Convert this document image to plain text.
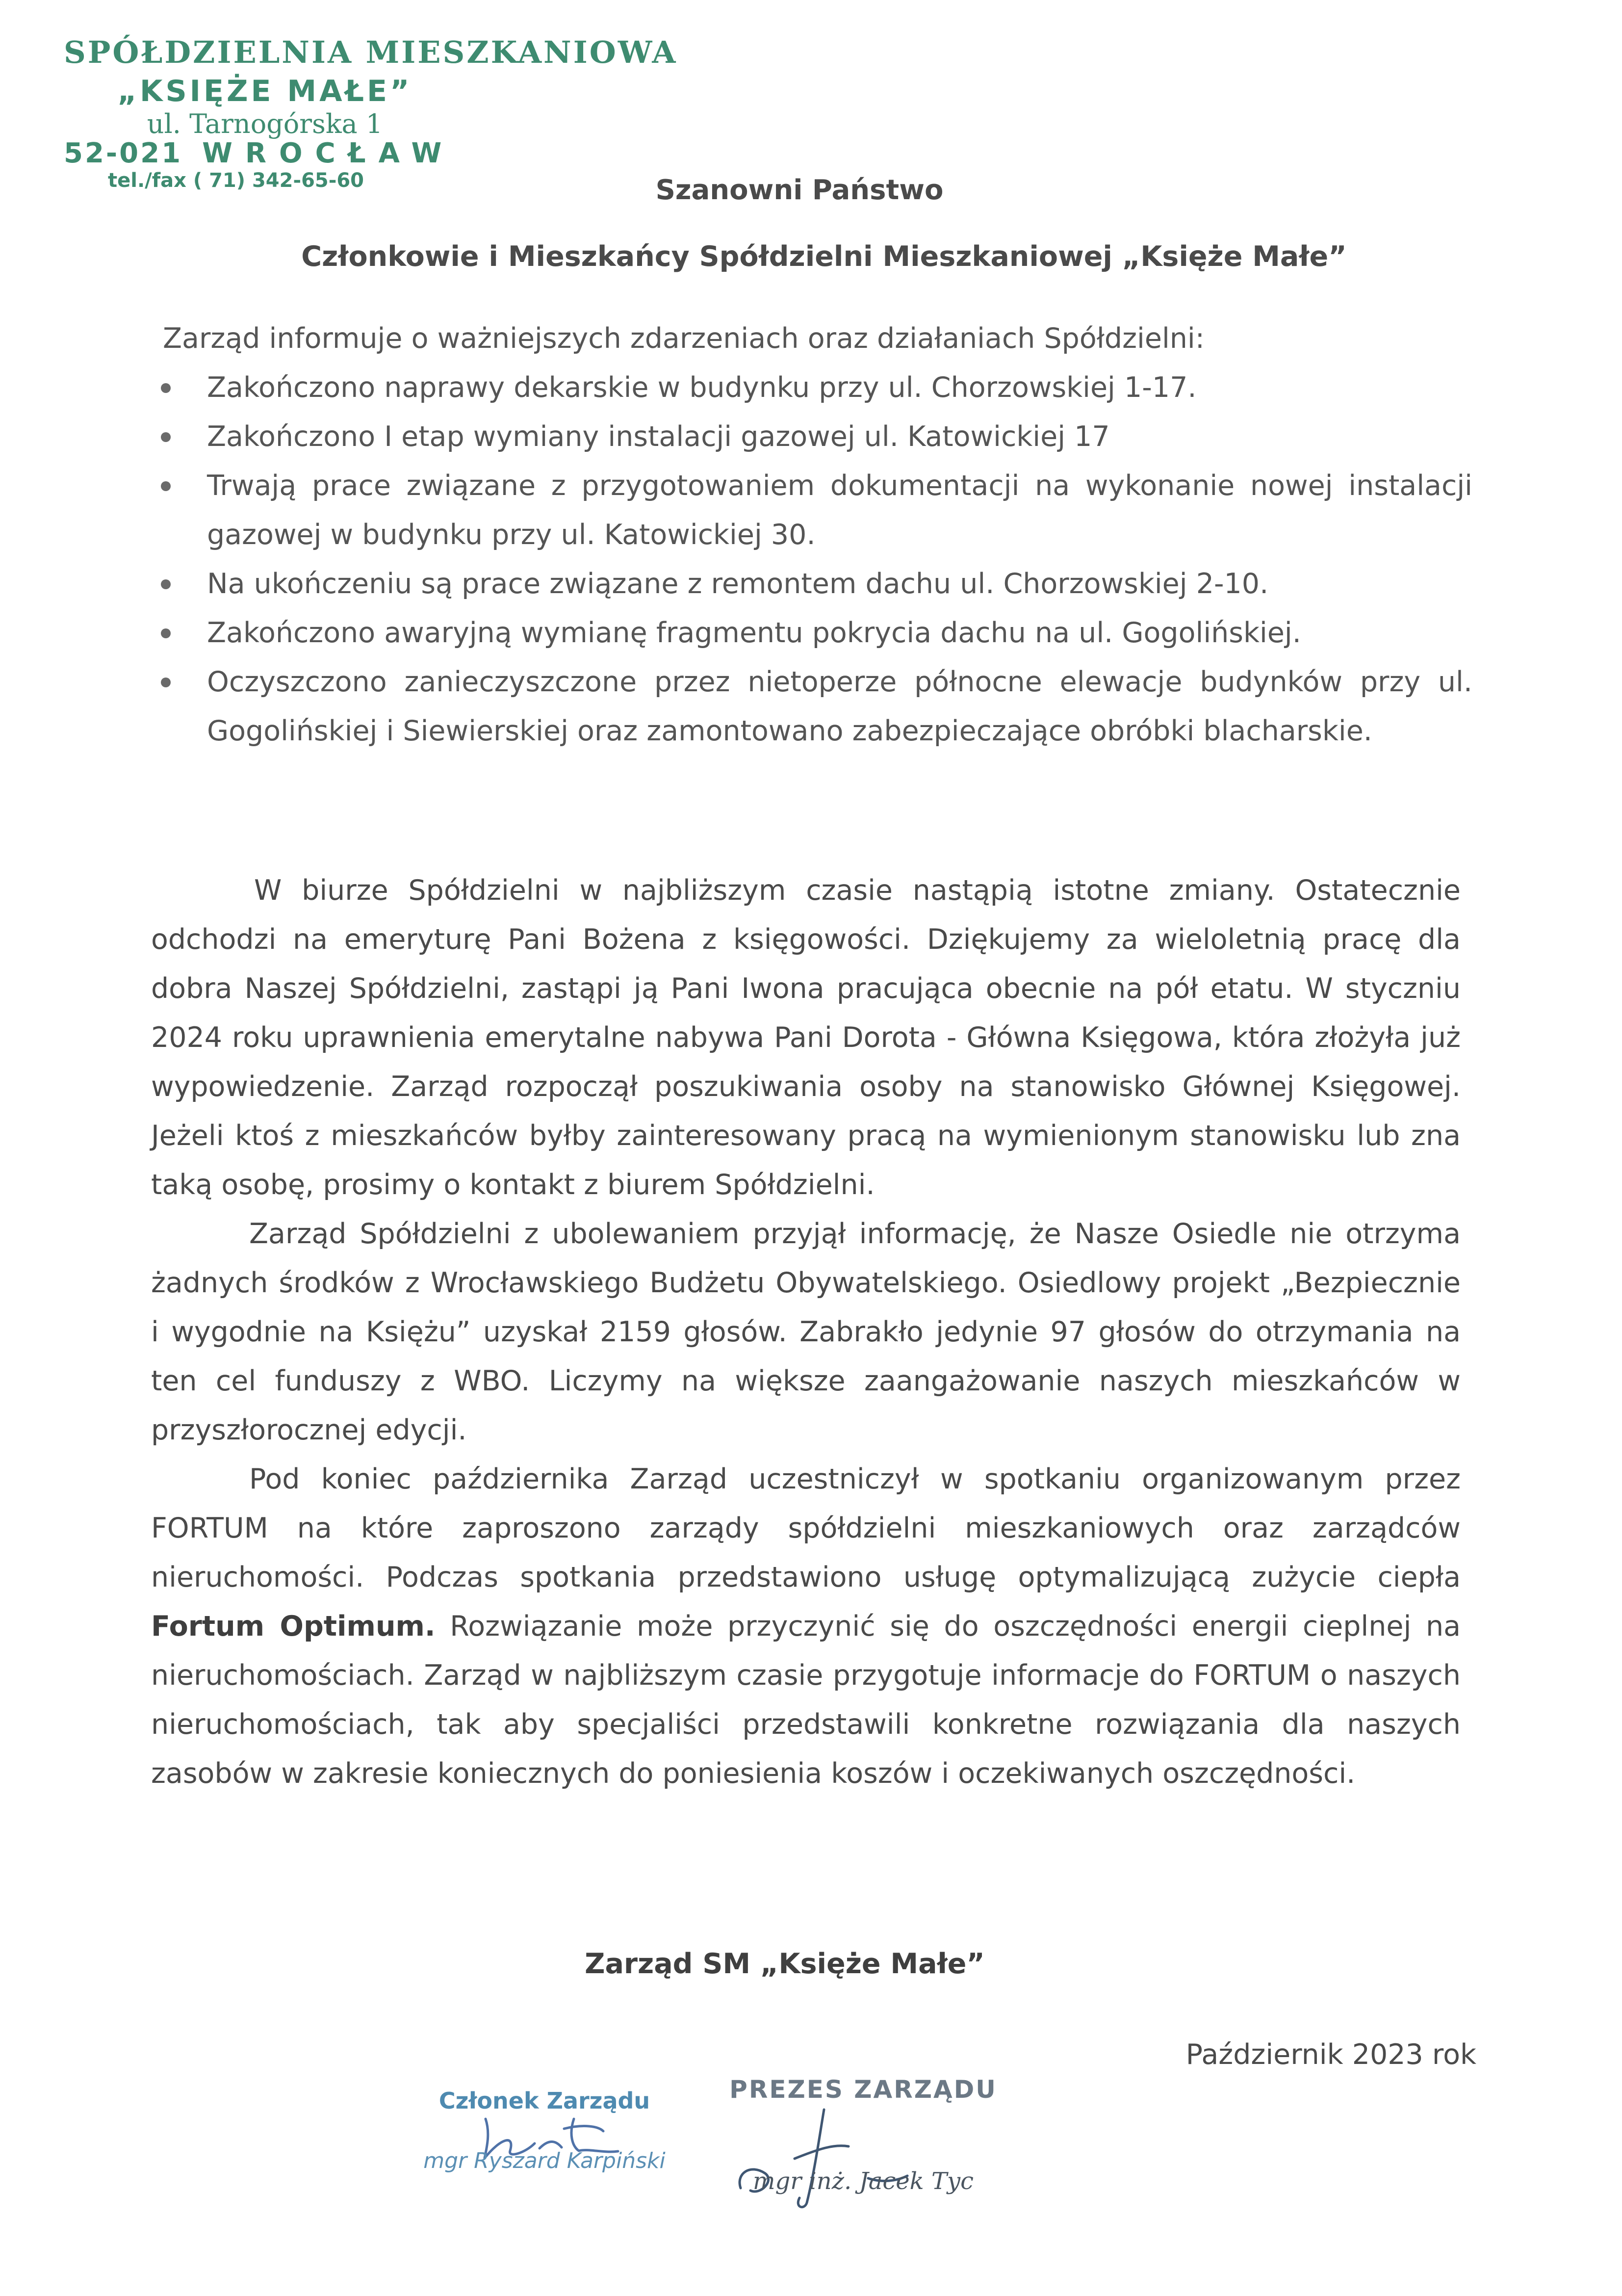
SPÓŁDZIELNIA MIESZKANIOWA
„KSIĘŻE MAŁE”
ul. Tarnogórska 1
52-021 WROCŁAW
tel./fax ( 71) 342-65-60	Szanowni Państwo
Członkowie i Mieszkańcy Spółdzielni Mieszkaniowej „Księże Małe”
Zarząd informuje o ważniejszych zdarzeniach oraz działaniach Spółdzielni:
Zakończono naprawy dekarskie w budynku przy ul. Chorzowskiej 1-17.
Zakończono I etap wymiany instalacji gazowej ul. Katowickiej 17
Trwają prace związane z przygotowaniem dokumentacji na wykonanie nowej instalacji gazowej w budynku przy ul. Katowickiej 30.
Na ukończeniu są prace związane z remontem dachu ul. Chorzowskiej 2-10.
Zakończono awaryjną wymianę fragmentu pokrycia dachu na ul. Gogolińskiej.
Oczyszczono zanieczyszczone przez nietoperze północne elewacje budynków przy ul. Gogolińskiej i Siewierskiej oraz zamontowano zabezpieczające obróbki blacharskie.

W biurze Spółdzielni w najbliższym czasie nastąpią istotne zmiany. Ostatecznie odchodzi na emeryturę Pani Bożena z księgowości. Dziękujemy za wieloletnią pracę dla dobra Naszej Spółdzielni, zastąpi ją Pani Iwona pracująca obecnie na pół etatu. W styczniu 2024 roku uprawnienia emerytalne nabywa Pani Dorota - Główna Księgowa, która złożyła już wypowiedzenie. Zarząd rozpoczął poszukiwania osoby na stanowisko Głównej Księgowej. Jeżeli ktoś z mieszkańców byłby zainteresowany pracą na wymienionym stanowisku lub zna taką osobę, prosimy o kontakt z biurem Spółdzielni.

Zarząd Spółdzielni z ubolewaniem przyjął informację, że Nasze Osiedle nie otrzyma żadnych środków z Wrocławskiego Budżetu Obywatelskiego. Osiedlowy projekt „Bezpiecznie i wygodnie na Księżu” uzyskał 2159 głosów. Zabrakło jedynie 97 głosów do otrzymania na ten cel funduszy z WBO. Liczymy na większe zaangażowanie naszych mieszkańców w przyszłorocznej edycji.

Pod koniec października Zarząd uczestniczył w spotkaniu organizowanym przez FORTUM na które zaproszono zarządy spółdzielni mieszkaniowych oraz zarządców nieruchomości. Podczas spotkania przedstawiono usługę optymalizującą zużycie ciepła Fortum Optimum. Rozwiązanie może przyczynić się do oszczędności energii cieplnej na nieruchomościach. Zarząd w najbliższym czasie przygotuje informacje do FORTUM o naszych nieruchomościach, tak aby specjaliści przedstawili konkretne rozwiązania dla naszych zasobów w zakresie koniecznych do poniesienia koszów i oczekiwanych oszczędności.

Zarząd SM „Księże Małe”
Październik 2023 rok
Członek Zarządu
mgr Ryszard Karpiński
PREZES ZARZĄDU
mgr inż. Jacek Tyc
